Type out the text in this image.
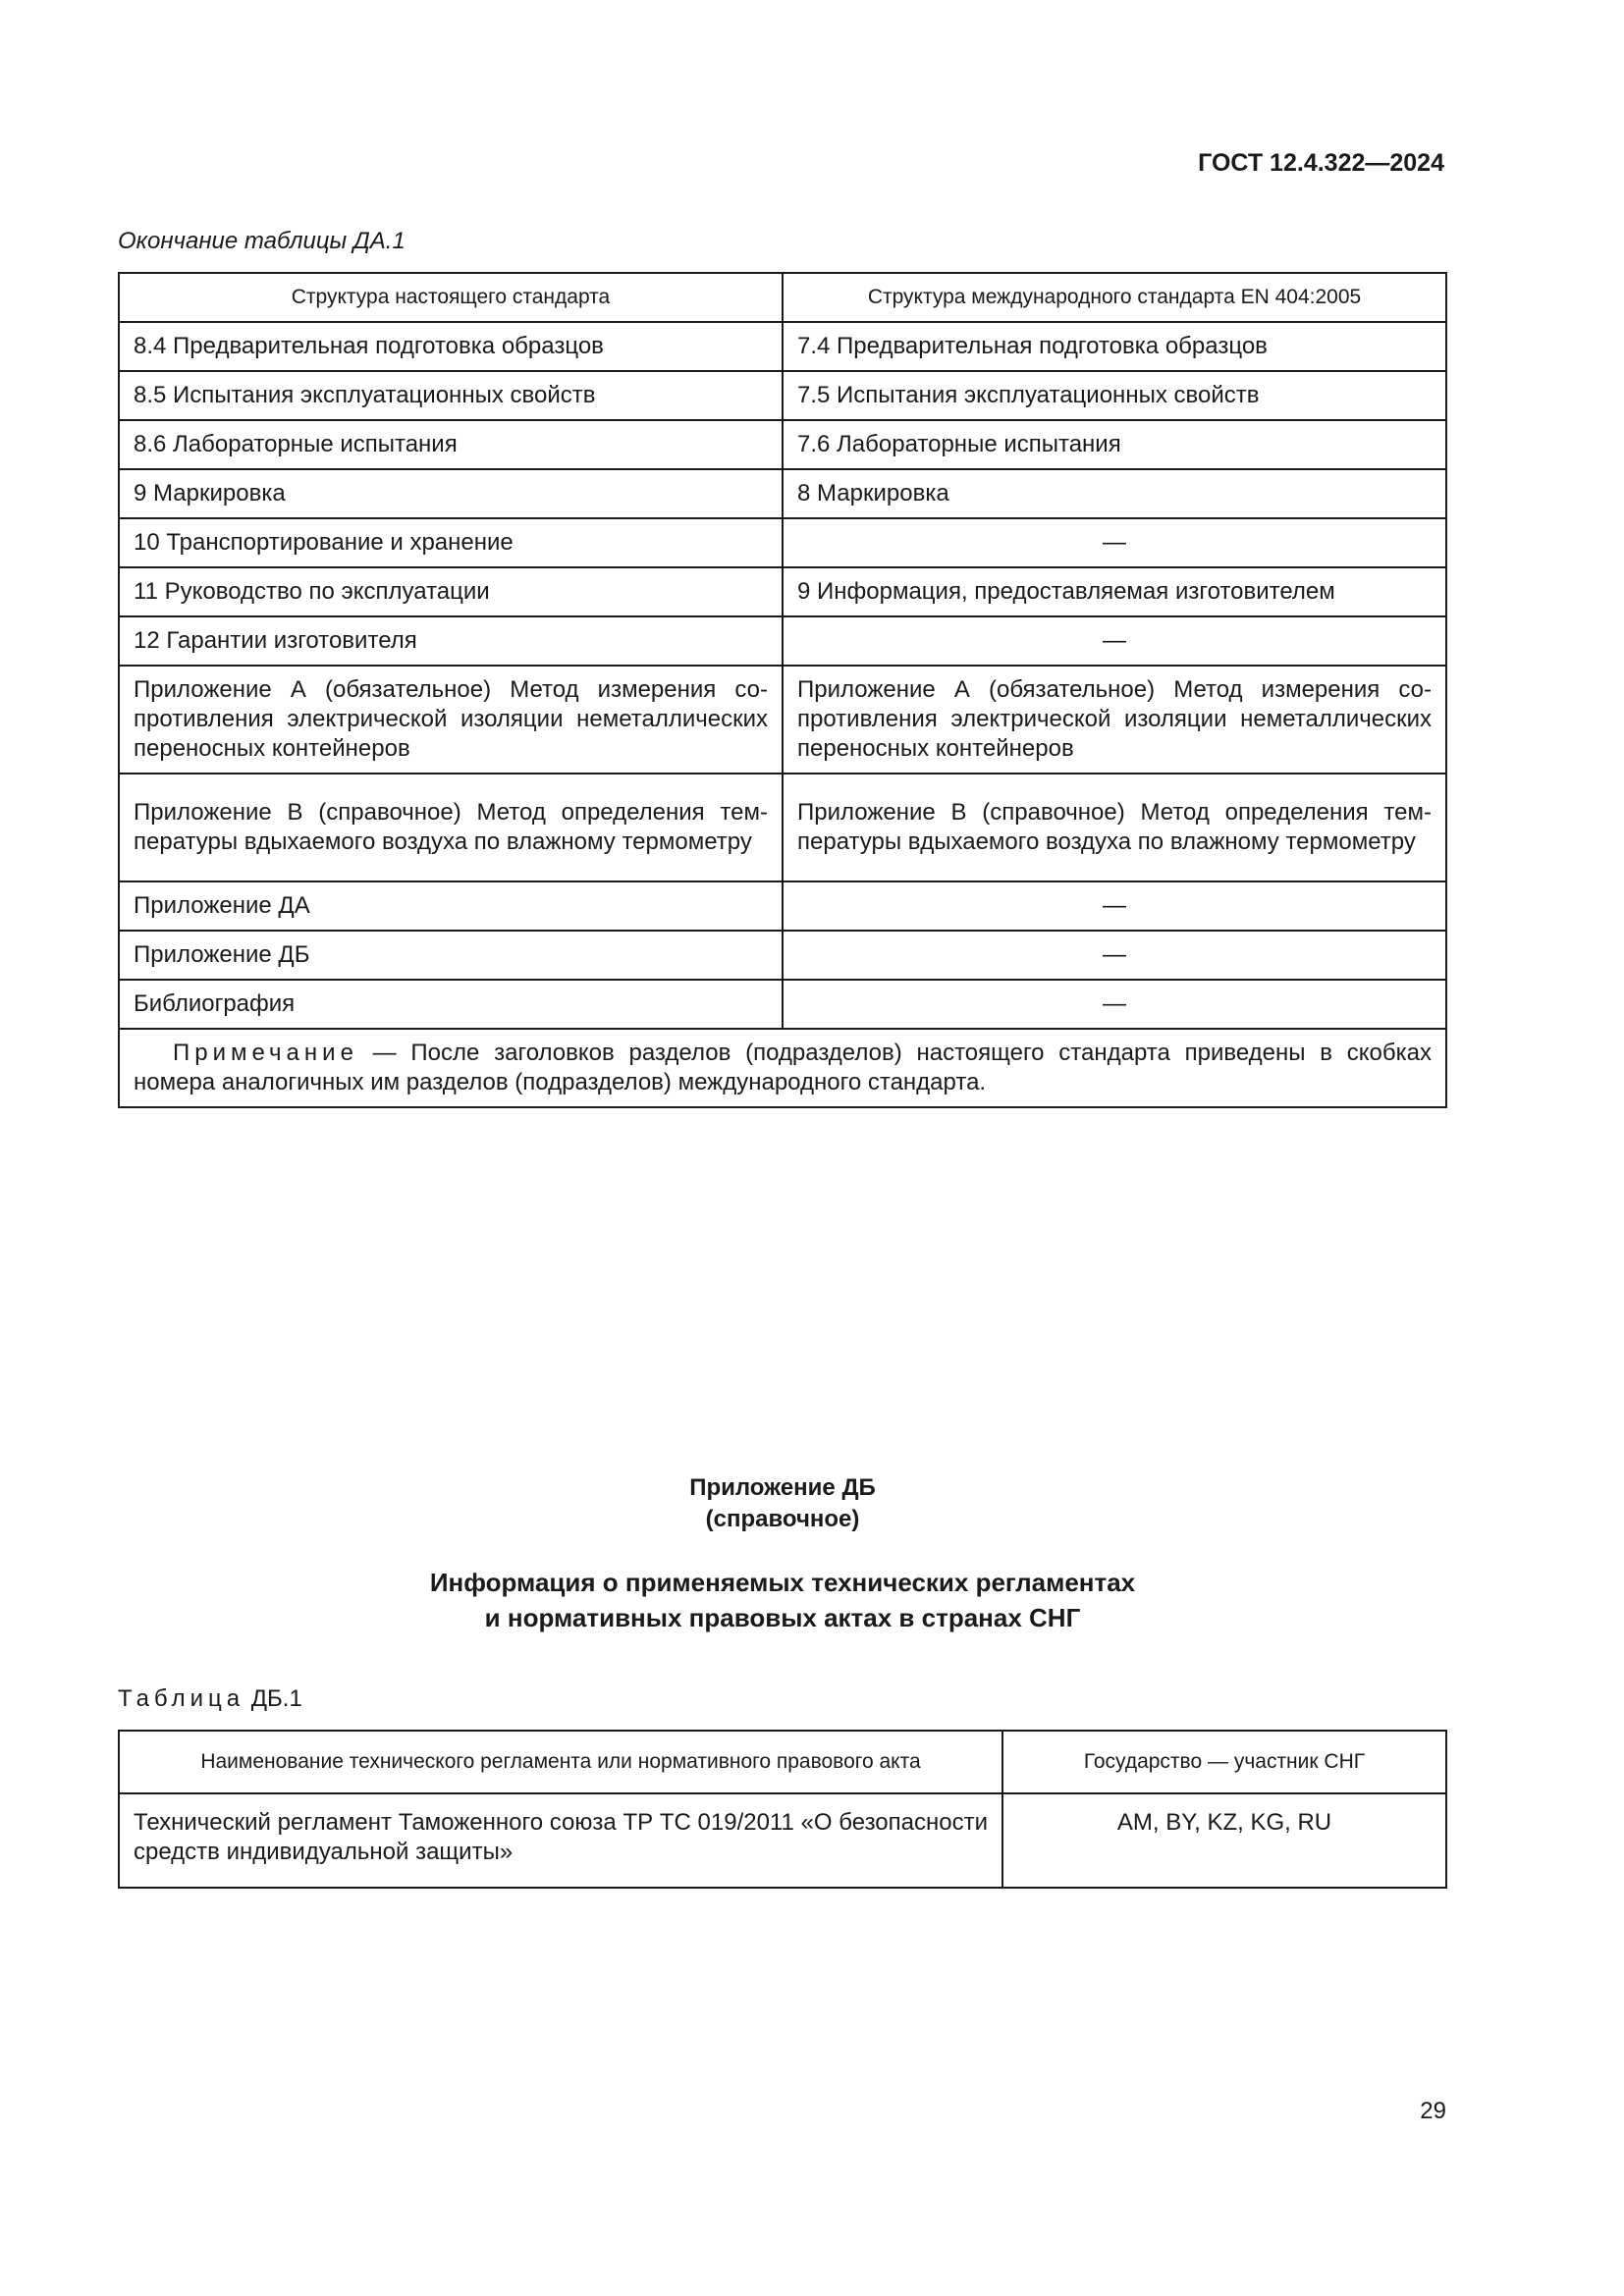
ГОСТ 12.4.322—2024
Окончание таблицы ДА.1
Структура настоящего стандарта	Структура международного стандарта EN 404:2005
8.4 Предварительная подготовка образцов	7.4 Предварительная подготовка образцов
8.5 Испытания эксплуатационных свойств	7.5 Испытания эксплуатационных свойств
8.6 Лабораторные испытания	7.6 Лабораторные испытания
9 Маркировка	8 Маркировка
10 Транспортирование и хранение	—
11 Руководство по эксплуатации	9 Информация, предоставляемая изготовителем
12 Гарантии изготовителя	—
Приложение А (обязательное) Метод измерения сопротивления электрической изоляции неметаллических переносных контейнеров	Приложение А (обязательное) Метод измерения сопротивления электрической изоляции неметаллических переносных контейнеров
Приложение В (справочное) Метод определения температуры вдыхаемого воздуха по влажному термометру	Приложение В (справочное) Метод определения температуры вдыхаемого воздуха по влажному термометру
Приложение ДА	—
Приложение ДБ	—
Библиография	—
Примечание — После заголовков разделов (подразделов) настоящего стандарта приведены в скобках номера аналогичных им разделов (подразделов) международного стандарта.	
Приложение ДБ
(справочное)
Информация о применяемых технических регламентах
и нормативных правовых актах в странах СНГ
Таблица ДБ.1
Наименование технического регламента или нормативного правового акта	Государство — участник СНГ
Технический регламент Таможенного союза ТР ТС 019/2011 «О безопасности средств индивидуальной защиты»	AM, BY, KZ, KG, RU
29
